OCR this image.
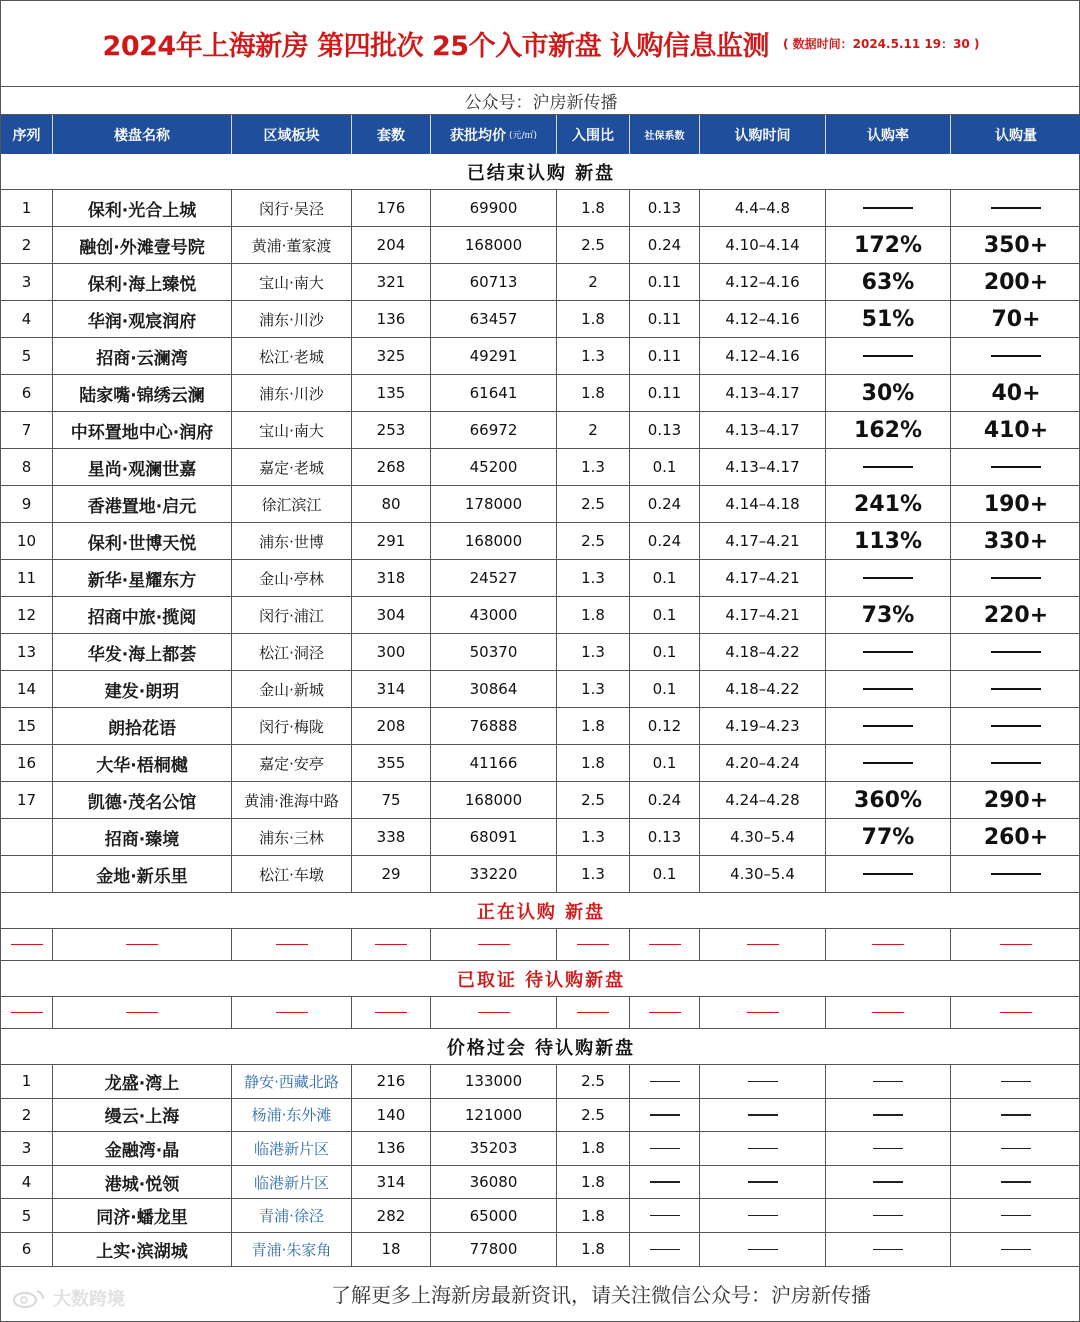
2024年上海新房 第四批次 25个入市新盘 认购信息监测 ( 数据时间：2024.5.11 19：30 )
公众号：沪房新传播
序列	楼盘名称	区域板块	套数	获批均价 (元/㎡)	入围比	社保系数	认购时间	认购率	认购量
已结束认购 新盘
1	保利·光合上城	闵行·吴泾	176	69900	1.8	0.13	4.4–4.8
2	融创·外滩壹号院	黄浦·董家渡	204	168000	2.5	0.24	4.10–4.14	172%	350+
3	保利·海上臻悦	宝山·南大	321	60713	2	0.11	4.12–4.16	63%	200+
4	华润·观宸润府	浦东·川沙	136	63457	1.8	0.11	4.12–4.16	51%	70+
5	招商·云澜湾	松江·老城	325	49291	1.3	0.11	4.12–4.16
6	陆家嘴·锦绣云澜	浦东·川沙	135	61641	1.8	0.11	4.13–4.17	30%	40+
7	中环置地中心·润府	宝山·南大	253	66972	2	0.13	4.13–4.17	162%	410+
8	星尚·观澜世嘉	嘉定·老城	268	45200	1.3	0.1	4.13–4.17
9	香港置地·启元	徐汇滨江	80	178000	2.5	0.24	4.14–4.18	241%	190+
10	保利·世博天悦	浦东·世博	291	168000	2.5	0.24	4.17–4.21	113%	330+
11	新华·星耀东方	金山·亭林	318	24527	1.3	0.1	4.17–4.21
12	招商中旅·揽阅	闵行·浦江	304	43000	1.8	0.1	4.17–4.21	73%	220+
13	华发·海上都荟	松江·洞泾	300	50370	1.3	0.1	4.18–4.22
14	建发·朗玥	金山·新城	314	30864	1.3	0.1	4.18–4.22
15	朗拾花语	闵行·梅陇	208	76888	1.8	0.12	4.19–4.23
16	大华·梧桐樾	嘉定·安亭	355	41166	1.8	0.1	4.20–4.24
17	凯德·茂名公馆	黄浦·淮海中路	75	168000	2.5	0.24	4.24–4.28	360%	290+
招商·臻境	浦东·三林	338	68091	1.3	0.13	4.30–5.4	77%	260+
金地·新乐里	松江·车墩	29	33220	1.3	0.1	4.30–5.4
正在认购 新盘
已取证 待认购新盘
价格过会 待认购新盘
1	龙盛·湾上	静安·西藏北路	216	133000	2.5
2	缦云·上海	杨浦·东外滩	140	121000	2.5
3	金融湾·晶	临港新片区	136	35203	1.8
4	港城·悦领	临港新片区	314	36080	1.8
5	同济·蟠龙里	青浦·徐泾	282	65000	1.8
6	上实·滨湖城	青浦·朱家角	18	77800	1.8
大数跨境	了解更多上海新房最新资讯，请关注微信公众号：沪房新传播
